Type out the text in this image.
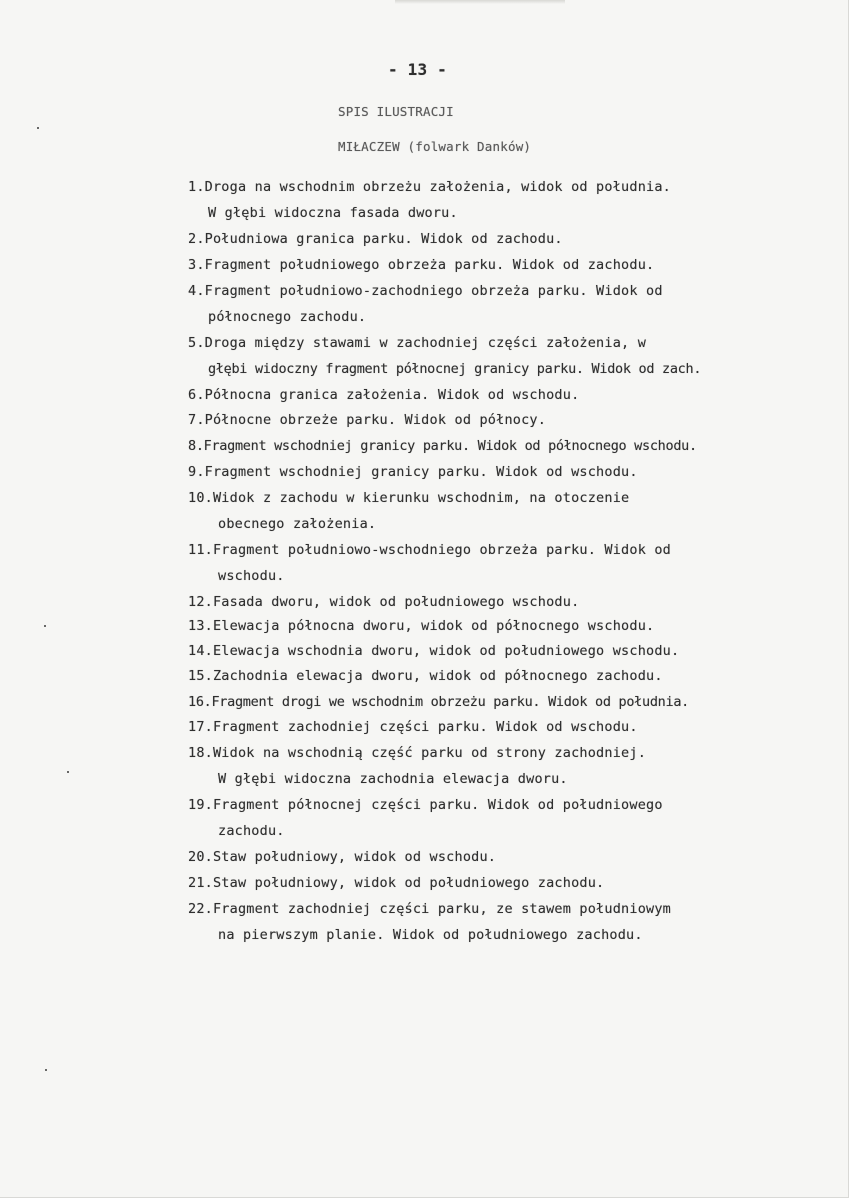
- 13 -
SPIS ILUSTRACJI
MIŁACZEW (folwark Danków)
1.Droga na wschodnim obrzeżu założenia, widok od południa.
W głębi widoczna fasada dworu.
2.Południowa granica parku. Widok od zachodu.
3.Fragment południowego obrzeża parku. Widok od zachodu.
4.Fragment południowo-zachodniego obrzeża parku. Widok od
północnego zachodu.
5.Droga między stawami w zachodniej części założenia, w
głębi widoczny fragment północnej granicy parku. Widok od zach.
6.Północna granica założenia. Widok od wschodu.
7.Północne obrzeże parku. Widok od północy.
8.Fragment wschodniej granicy parku. Widok od północnego wschodu.
9.Fragment wschodniej granicy parku. Widok od wschodu.
10.Widok z zachodu w kierunku wschodnim, na otoczenie
obecnego założenia.
11.Fragment południowo-wschodniego obrzeża parku. Widok od
wschodu.
12.Fasada dworu, widok od południowego wschodu.
13.Elewacja północna dworu, widok od północnego wschodu.
14.Elewacja wschodnia dworu, widok od południowego wschodu.
15.Zachodnia elewacja dworu, widok od północnego zachodu.
16.Fragment drogi we wschodnim obrzeżu parku. Widok od południa.
17.Fragment zachodniej części parku. Widok od wschodu.
18.Widok na wschodnią część parku od strony zachodniej.
W głębi widoczna zachodnia elewacja dworu.
19.Fragment północnej części parku. Widok od południowego
zachodu.
20.Staw południowy, widok od wschodu.
21.Staw południowy, widok od południowego zachodu.
22.Fragment zachodniej części parku, ze stawem południowym
na pierwszym planie. Widok od południowego zachodu.
